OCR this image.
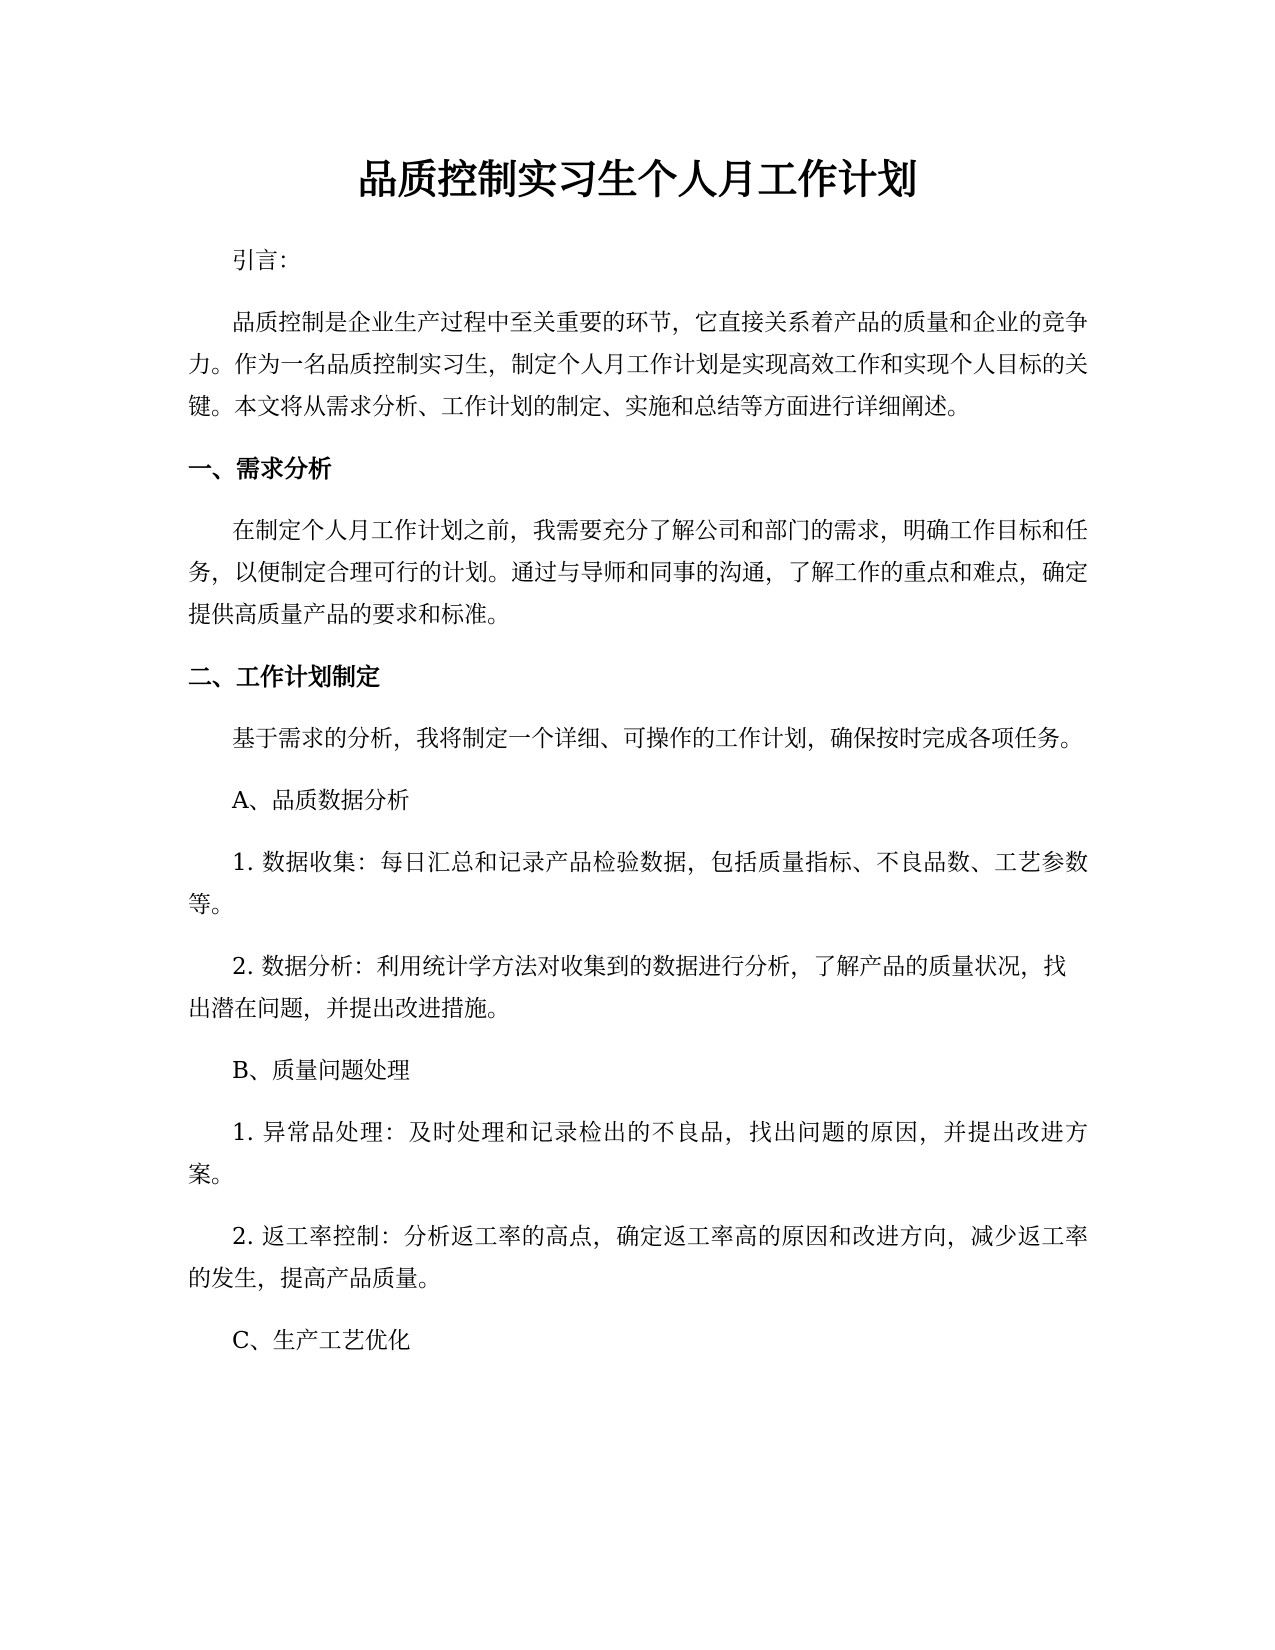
品质控制实习生个人月工作计划

引言：

品质控制是企业生产过程中至关重要的环节，它直接关系着产品的质量和企业的竞争力。作为一名品质控制实习生，制定个人月工作计划是实现高效工作和实现个人目标的关键。本文将从需求分析、工作计划的制定、实施和总结等方面进行详细阐述。

一、需求分析

在制定个人月工作计划之前，我需要充分了解公司和部门的需求，明确工作目标和任务，以便制定合理可行的计划。通过与导师和同事的沟通，了解工作的重点和难点，确定提供高质量产品的要求和标准。

二、工作计划制定

基于需求的分析，我将制定一个详细、可操作的工作计划，确保按时完成各项任务。

A、品质数据分析

1. 数据收集：每日汇总和记录产品检验数据，包括质量指标、不良品数、工艺参数等。

2. 数据分析：利用统计学方法对收集到的数据进行分析，了解产品的质量状况，找出潜在问题，并提出改进措施。

B、质量问题处理

1. 异常品处理：及时处理和记录检出的不良品，找出问题的原因，并提出改进方案。

2. 返工率控制：分析返工率的高点，确定返工率高的原因和改进方向，减少返工率的发生，提高产品质量。

C、生产工艺优化
